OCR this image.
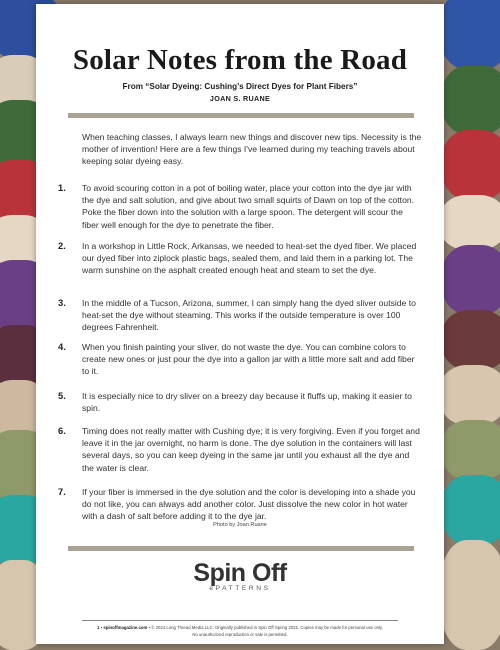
Solar Notes from the Road
From “Solar Dyeing: Cushing’s Direct Dyes for Plant Fibers”
JOAN S. RUANE
When teaching classes, I always learn new things and discover new tips. Necessity is the mother of invention! Here are a few things I've learned during my teaching travels about keeping solar dyeing easy.
1. To avoid scouring cotton in a pot of boiling water, place your cotton into the dye jar with the dye and salt solution, and give about two small squirts of Dawn on top of the cotton. Poke the fiber down into the solution with a large spoon. The detergent will scour the fiber well enough for the dye to penetrate the fiber.
2. In a workshop in Little Rock, Arkansas, we needed to heat-set the dyed fiber. We placed our dyed fiber into ziplock plastic bags, sealed them, and laid them in a parking lot. The warm sunshine on the asphalt created enough heat and steam to set the dye.
3. In the middle of a Tucson, Arizona, summer, I can simply hang the dyed sliver outside to heat-set the dye without steaming. This works if the outside temperature is over 100 degrees Fahrenheit.
4. When you finish painting your sliver, do not waste the dye. You can combine colors to create new ones or just pour the dye into a gallon jar with a little more salt and add fiber to it.
5. It is especially nice to dry sliver on a breezy day because it fluffs up, making it easier to spin.
6. Timing does not really matter with Cushing dye; it is very forgiving. Even if you forget and leave it in the jar overnight, no harm is done. The dye solution in the containers will last several days, so you can keep dyeing in the same jar until you exhaust all the dye and the water is clear.
7. If your fiber is immersed in the dye solution and the color is developing into a shade you do not like, you can always add another color. Just dissolve the new color in hot water with a dash of salt before adding it to the dye jar.
Photo by Joan Ruane
Spin Off
ePATTERNS
1 ▪ spinoffmagazine.com ▪ © 2024 Long Thread Media LLC. Originally published in Spin Off Spring 2021. Copies may be made for personal use only.
No unauthorized reproduction or sale is permitted.
